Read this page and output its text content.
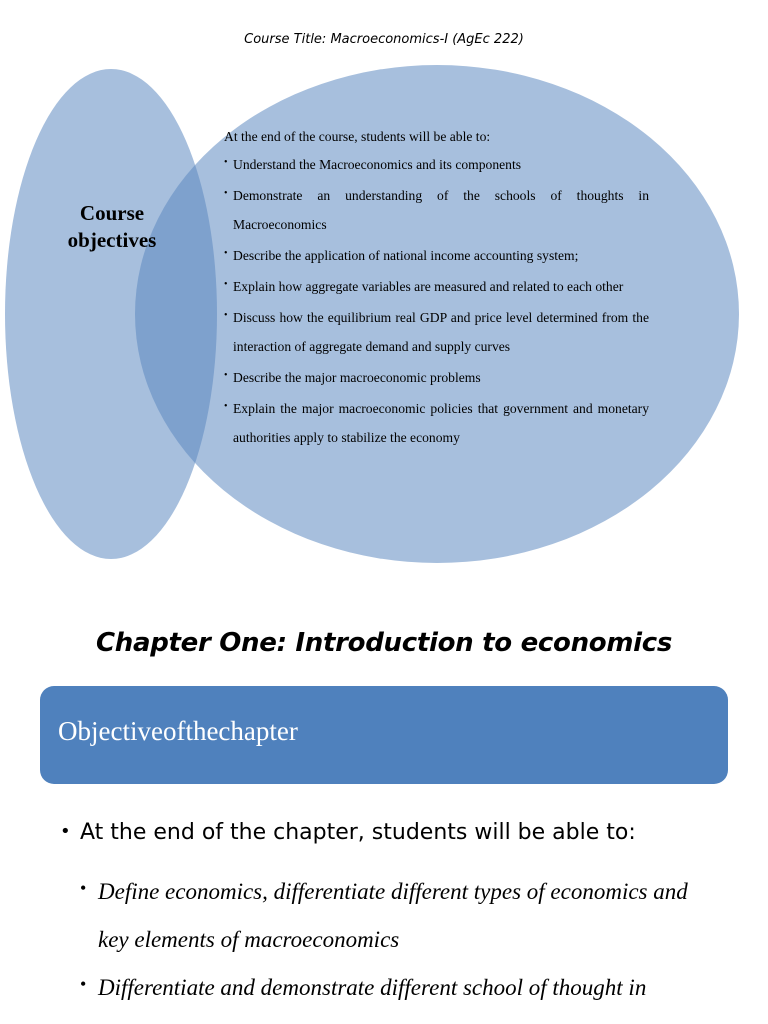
Course Title: Macroeconomics-I (AgEc 222)
Course objectives

At the end of the course, students will be able to:

• Understand the Macroeconomics and its components
• Demonstrate an understanding of the schools of thoughts in Macroeconomics
• Describe the application of national income accounting system;
• Explain how aggregate variables are measured and related to each other
• Discuss how the equilibrium real GDP and price level determined from the interaction of aggregate demand and supply curves
• Describe the major macroeconomic problems
• Explain the major macroeconomic policies that government and monetary authorities apply to stabilize the economy
Chapter One: Introduction to economics
Objectiveofthechapter
• At the end of the chapter, students will be able to:
• Define economics, differentiate different types of economics and key elements of macroeconomics
• Differentiate and demonstrate different school of thought in
